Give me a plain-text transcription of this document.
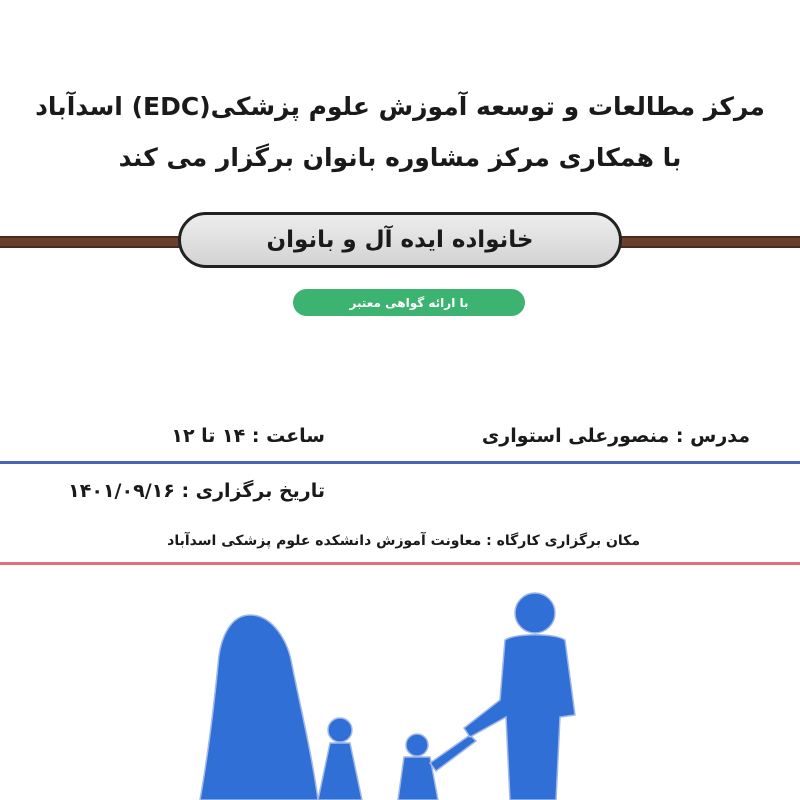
مرکز مطالعات و توسعه آموزش علوم پزشکی(EDC) اسدآباد
با همکاری مرکز مشاوره بانوان برگزار می کند
خانواده ایده آل و بانوان
با ارائه گواهی معتبر
مدرس : منصورعلی استواری
ساعت : ۱۴ تا ۱۲
تاریخ برگزاری : ۱۴۰۱/۰۹/۱۶
مکان برگزاری کارگاه : معاونت آموزش دانشکده علوم پزشکی اسدآباد
